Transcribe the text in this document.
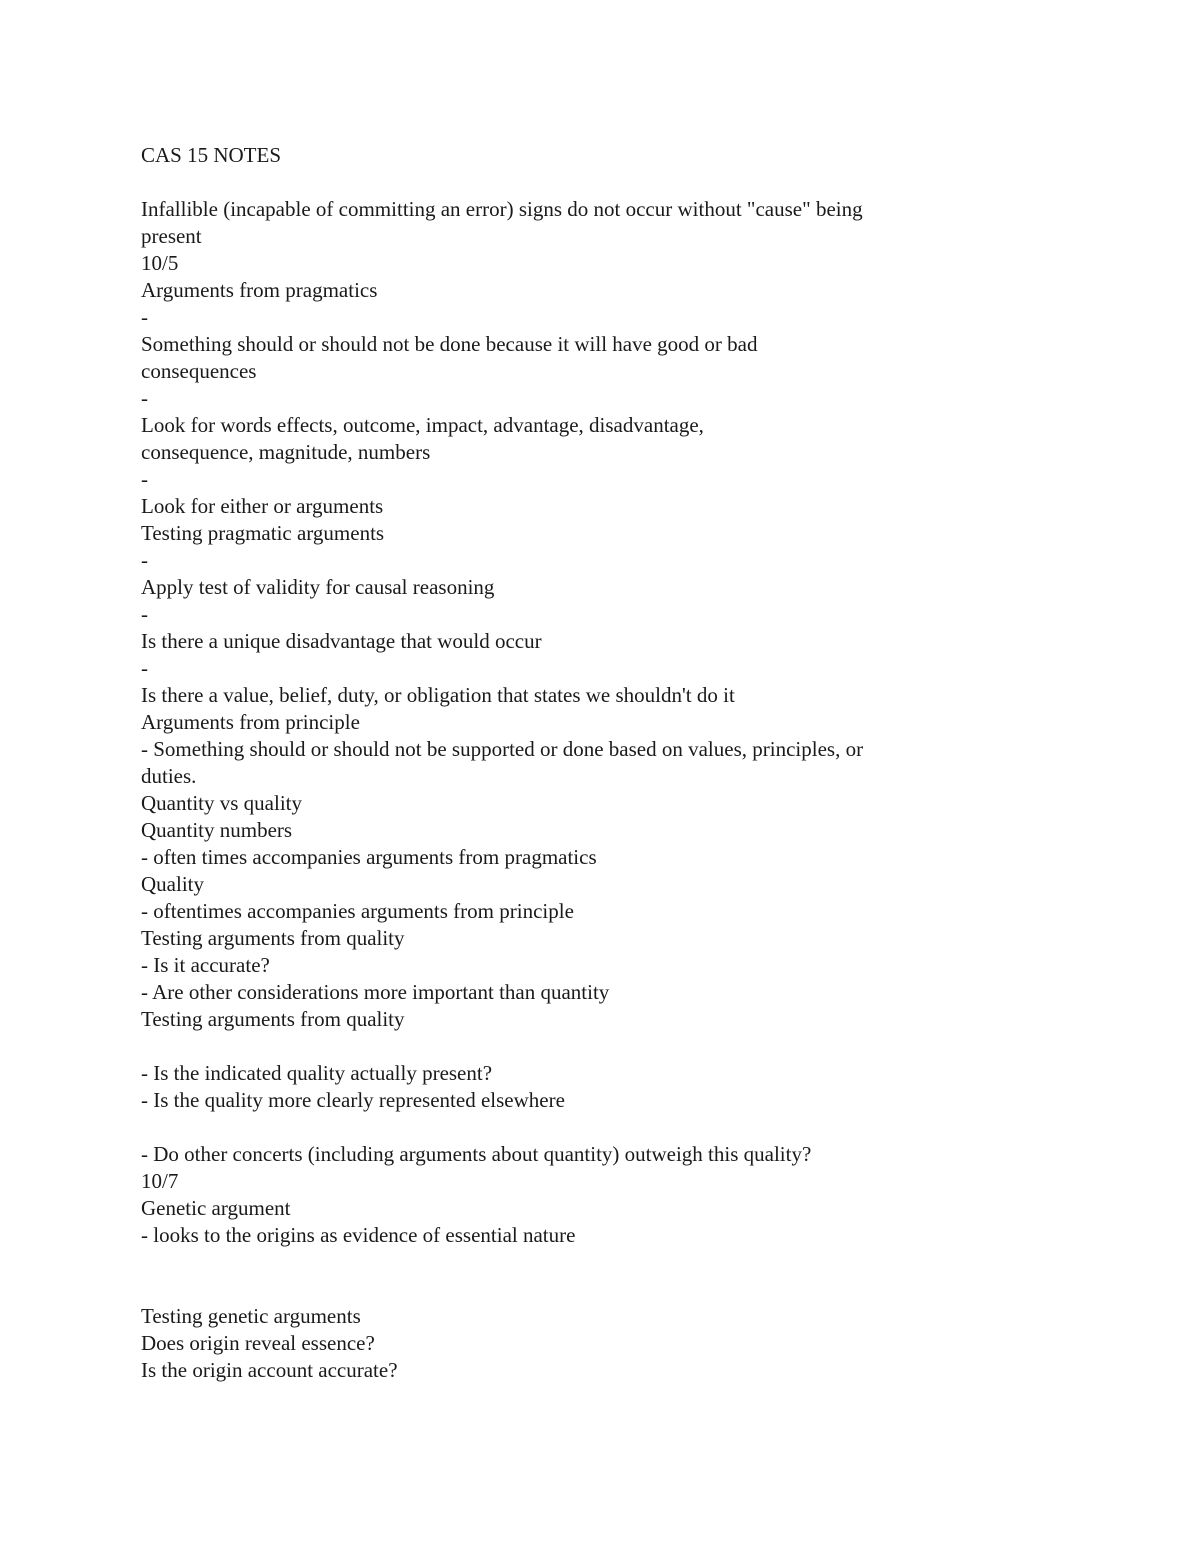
CAS 15 NOTES
Infallible (incapable of committing an error) signs do not occur without "cause" being
present
10/5
Arguments from pragmatics
-
Something should or should not be done because it will have good or bad
consequences
-
Look for words effects, outcome, impact, advantage, disadvantage,
consequence, magnitude, numbers
-
Look for either or arguments
Testing pragmatic arguments
-
Apply test of validity for causal reasoning
-
Is there a unique disadvantage that would occur
-
Is there a value, belief, duty, or obligation that states we shouldn't do it
Arguments from principle
- Something should or should not be supported or done based on values, principles, or
duties.
Quantity vs quality
Quantity numbers
- often times accompanies arguments from pragmatics
Quality
- oftentimes accompanies arguments from principle
Testing arguments from quality
- Is it accurate?
- Are other considerations more important than quantity
Testing arguments from quality
- Is the indicated quality actually present?
- Is the quality more clearly represented elsewhere
- Do other concerts (including arguments about quantity) outweigh this quality?
10/7
Genetic argument
- looks to the origins as evidence of essential nature
Testing genetic arguments
Does origin reveal essence?
Is the origin account accurate?
